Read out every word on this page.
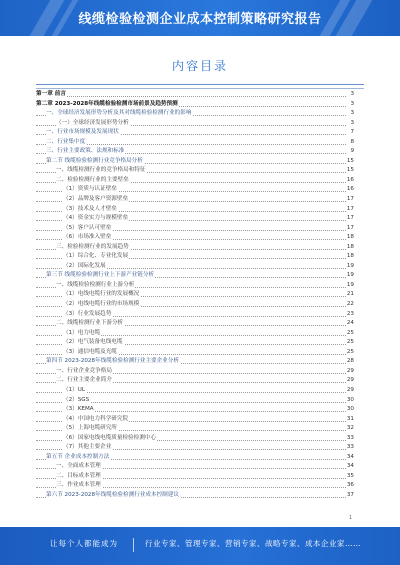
线缆检验检测企业成本控制策略研究报告
内容目录
第一章 前言	3
第二章 2023-2028年线缆检验检测市场前景及趋势预测	3
一、全球经济发展形势分析及其对线缆检验检测行业的影响	3
（一）全球经济发展形势分析	3
一、行业市场规模及发展现状	7
二、行业集中度	8
三、行业主要政策、法规和标准	9
第二节 线缆检验检测行业竞争格局分析	15
一、线缆检测行业的竞争格局和特征	15
二、检验检测行业的主要壁垒	16
（1）资质与认证壁垒	16
（2）品牌及客户资源壁垒	17
（3）技术及人才壁垒	17
（4）资金实力与规模壁垒	17
（5）客户认可壁垒	17
（6）市场准入壁垒	18
三、检验检测行业的发展趋势	18
（1）综合化、专业化发展	18
（2）国际化发展	19
第三节 线缆检验检测行业上下游产业链分析	19
一、线缆检验检测行业上游分析	19
（1）电线电缆行业的发展概况	21
（2）电线电缆行业的市场规模	22
（3）行业发展趋势	23
二、线缆检测行业下游分析	24
（1）电力电缆	25
（2）电气装备电线电缆	25
（3）通信电缆及光缆	25
第四节 2023-2028年线缆检验检测行业主要企业分析	28
一、行业企业竞争格局	29
二、行业主要企业简介	29
（1）UL	29
（2）SGS	30
（3）KEMA	30
（4）中国电力科学研究院	31
（5）上海电缆研究所	32
（6）国家电线电缆质量检验检测中心	33
（7）其他主要企业	33
第五节 企业成本控制方法	34
一、全面成本管理	34
二、目标成本管理	35
三、作业成本管理	36
第六节 2023-2028年线缆检验检测行业成本控制建议	37
1
让每个人都能成为	行业专家、管理专家、营销专家、战略专家、成本企业家……
